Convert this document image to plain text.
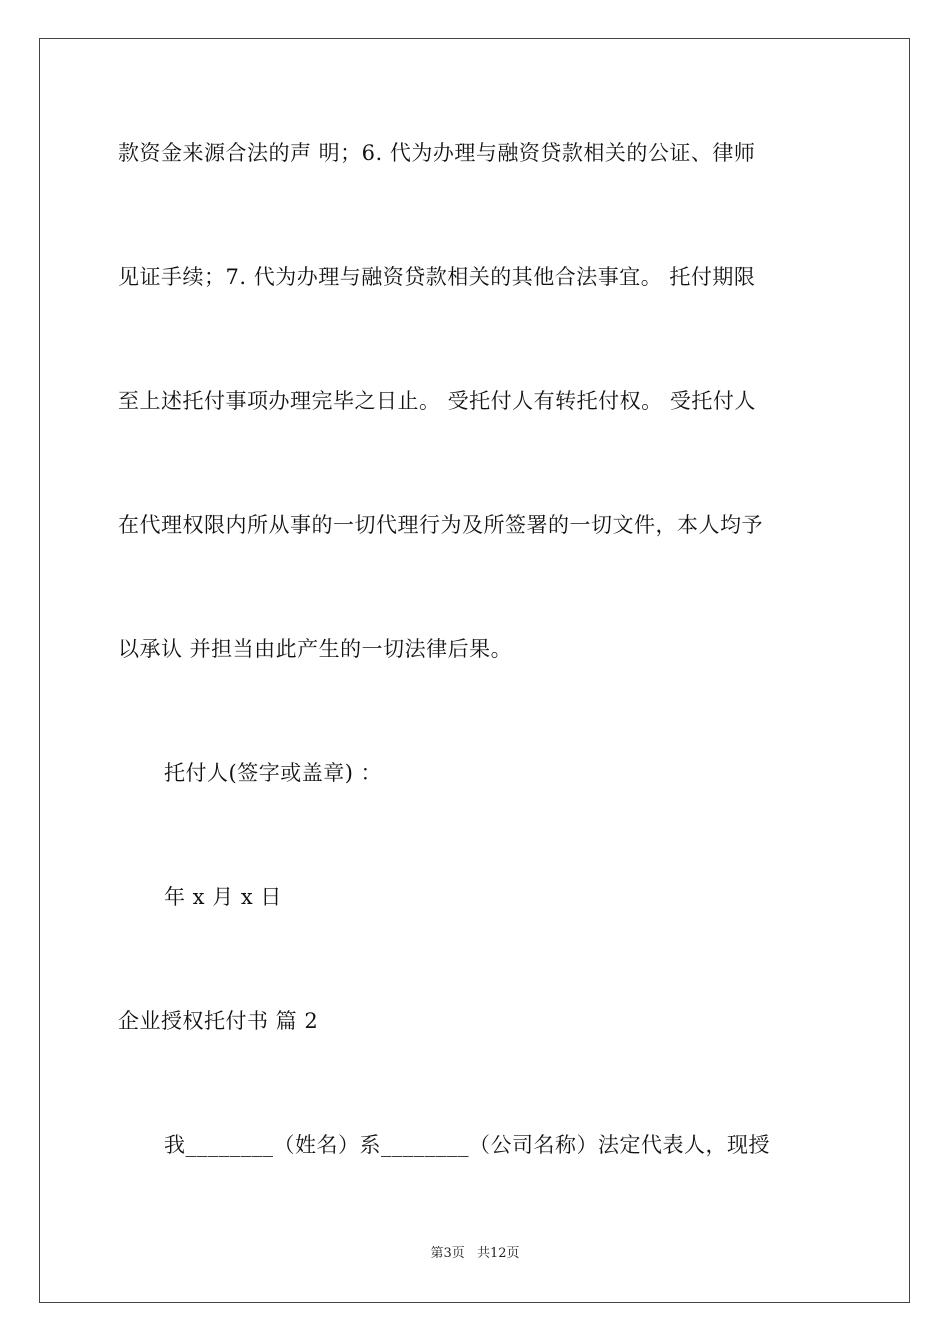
款资金来源合法的声 明；6. 代为办理与融资贷款相关的公证、律师
见证手续；7. 代为办理与融资贷款相关的其他合法事宜。 托付期限
至上述托付事项办理完毕之日止。 受托付人有转托付权。 受托付人
在代理权限内所从事的一切代理行为及所签署的一切文件，本人均予
以承认 并担当由此产生的一切法律后果。
托付人(签字或盖章) ：
年 x 月 x 日
企业授权托付书 篇 2
我________（姓名）系________（公司名称）法定代表人，现授
第3页 共12页
